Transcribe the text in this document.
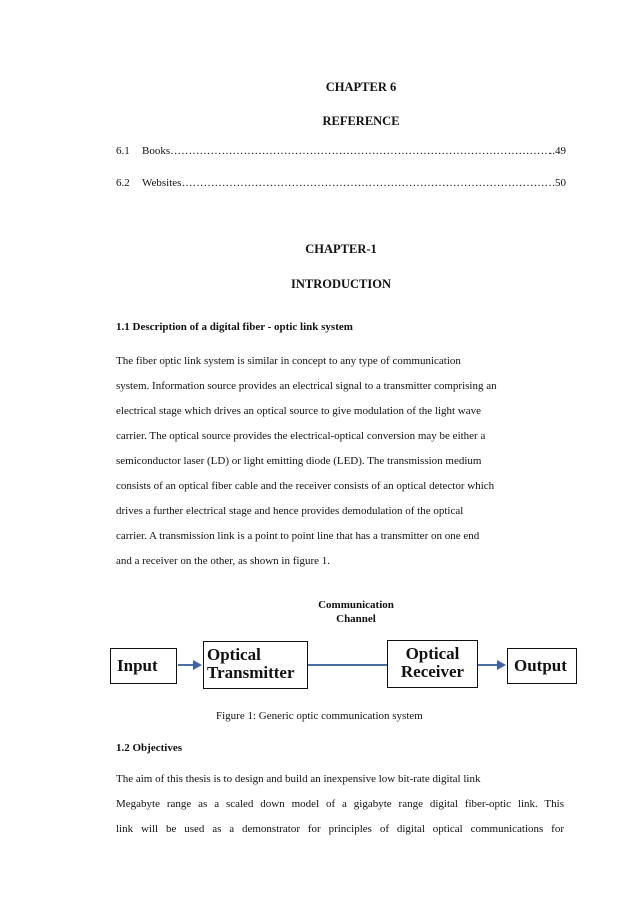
CHAPTER 6
REFERENCE
6.1	Books ……………………………………………………………………………………………………………………………………………………	..49
6.2	Websites ……………………………………………………………………………………………………………………………………………………	.50
CHAPTER-1
INTRODUCTION
1.1 Description of a digital fiber - optic link system
The fiber optic link system is similar in concept to any type of communication
system. Information source provides an electrical signal to a transmitter comprising an
electrical stage which drives an optical source to give modulation of the light wave
carrier. The optical source provides the electrical-optical conversion may be either a
semiconductor laser (LD) or light emitting diode (LED). The transmission medium
consists of an optical fiber cable and the receiver consists of an optical detector which
drives a further electrical stage and hence provides demodulation of the optical
carrier. A transmission link is a point to point line that has a transmitter on one end
and a receiver on the other, as shown in figure 1.
Communication
Channel
Input
Optical
Transmitter
Optical
Receiver	Output
Figure 1: Generic optic communication system
1.2 Objectives
The aim of this thesis is to design and build an inexpensive low bit-rate digital link
Megabyte range as a scaled down model of a gigabyte range digital fiber-optic link. This
link will be used as a demonstrator for principles of digital optical communications for
